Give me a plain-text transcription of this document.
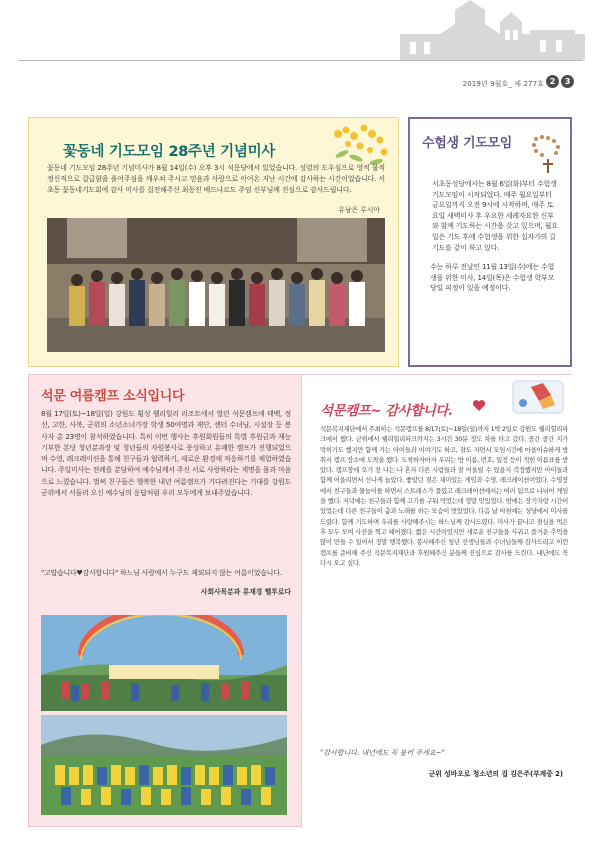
2019년 9월호_ 제 277호 2	3
꽃동네 기도모임 28주년 기념미사

꽃동네 기도모임 28주년 기념미사가 8월 14일(수) 오후 3시 석문당에서 있었습니다. 성령의 도우심으로 영적 물적 정신적으로 갈급함을 풀어주심을 깨우쳐 주시고 믿음과 사랑으로 이어온 지난 시간에 감사하는 시간이었습니다. 서초동 꽃동네기도회에 감사 미사를 집전해주신 최동진 베드나르도 주임 신부님께 진심으로 감사드립니다.

유남은 루시아
수험생 기도모임

서초동성당에서는 8월 6일(화)부터 수험생 기도모임이 시작되었다. 매주 월요일부터 금요일까지 오전 9시에 시작하며, 매주 토요일 새벽미사 후 우요한 세례자요한 신부와 함께 기도하는 시간을 갖고 있으며, 월요일은 기도 후에 수험생을 위한 십자가의 길 기도를 같이 하고 있다.

수능 하루 전날인 11월 13일(수)에는 수험생을 위한 미사, 14일(목)은 수험생 학부모 당일 피정이 있을 예정이다.

석문 여름캠프 소식입니다

8월 17일(토)~18일(일) 강원도 횡성 웰리힐리 리조트에서 열린 석문캠프에 태백, 정선, 고한, 사북, 군위의 소년소녀가장 학생 50여명과 재단, 센터 수녀님, 시설장 등 봉사자 총 23명이 참석하였습니다. 특히 이번 행사는 후원회원들의 특별 후원금과 재능 기부한 본당 청년분과장 및 청년들의 자원봉사로 풍성하고 유쾌한 캠프가 진행되었으며 수영, 레크레이션을 통해 친구들과 협력하기, 새로운 환경에 적응하기를 체험하였습니다. 주일미사는 전례를 분담하여 예수님께서 주신 서로 사랑하라는 계명을 몸과 마음으로 느꼈습니다. 벌써 친구들은 행복한 내년 여름캠프가 기다려진다는 기대를 강원도 군위에서 서둘러 오신 예수님의 응답처럼 우리 모두에게 보내주었습니다.

"고맙습니다♥감사합니다" 하느님 사랑에서 누구도 제외되지 않는 여름이었습니다.

사회사목분과 류재경 헬투로다

석문캠프~ 감사합니다.

석문복지재단에서 주최하는 석문캠프를 8/17(토)~18일(일)까지 1박 2일로 강원도 웰리힐리파크에서 했다. 군위에서 웰리힐리파크까지는 3시간 30분 정도 차를 타고 갔다. 중간 중간 지가 막히기도 했지만 함께 가는 아이들과 이야기도 하고, 잠도 자면서 모임시간에 마을이슈하게 방취서 캠프 장소에 도착을 했다. 도착하자마자 우리는 방 이름, 번호, 일정 등이 적힌 이름표를 받았다. 캠프장에 오기 전 나는 나 혼자 다른 사람들과 잘 어울릴 수 있을지 걱정했지만 아이들과 함께 어울리면서 신나게 놀았다. 좋았던 점은 재미있는 게임과 수영, 레크레이션이었다. 수영장에서 친구들과 물놀이를 하면서 스트레스가 풀렸고 레크레이션에서는 여러 팀으로 나뉘어 게임을 했다. 저녁에는 친구들과 함께 고기를 구워 먹었는데 정말 맛있었다. 밤에는 장기자랑 시간이 있었는데 다른 친구들이 춤과 노래를 하는 모습이 멋있었다. 다음 날 아침에는 성당에서 미사를 드렸다. 함께 기도하며 우리를 사랑해주시는 하느님께 감사드렸다. 미사가 끝나고 점심을 먹은 후 모두 모여 사진을 찍고 헤어졌다. 짧은 시간이었지만 새로운 친구들을 사귀고 즐거운 추억을 많이 만들 수 있어서 정말 행복했다. 봉사해주신 청년 선생님들과 수녀님들께 감사드리고 이런 캠프를 준비해 주신 석문복지재단과 후원해주신 분들께 진심으로 감사를 드린다. 내년에도 꼭 다시 오고 싶다.

"감사합니다. 내년에도 꼭 불러 주세요~"

군위 성바오로 청소년의 집 김은주(부계중 2)
